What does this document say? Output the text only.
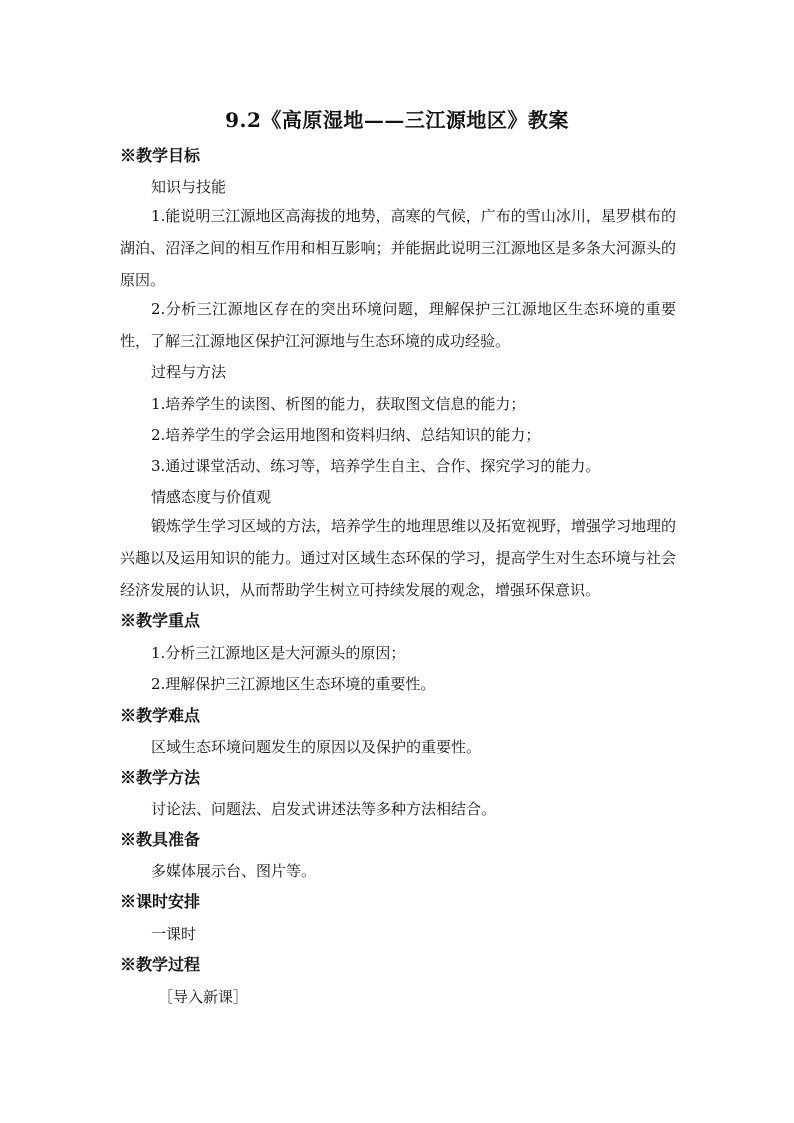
9.2《高原湿地——三江源地区》教案
※教学目标
知识与技能
1.能说明三江源地区高海拔的地势，高寒的气候，广布的雪山冰川，星罗棋布的湖泊、沼泽之间的相互作用和相互影响；并能据此说明三江源地区是多条大河源头的原因。
2.分析三江源地区存在的突出环境问题，理解保护三江源地区生态环境的重要性，了解三江源地区保护江河源地与生态环境的成功经验。
过程与方法
1.培养学生的读图、析图的能力，获取图文信息的能力；
2.培养学生的学会运用地图和资料归纳、总结知识的能力；
3.通过课堂活动、练习等，培养学生自主、合作、探究学习的能力。
情感态度与价值观
锻炼学生学习区域的方法，培养学生的地理思维以及拓宽视野，增强学习地理的兴趣以及运用知识的能力。通过对区域生态环保的学习，提高学生对生态环境与社会经济发展的认识，从而帮助学生树立可持续发展的观念，增强环保意识。
※教学重点
1.分析三江源地区是大河源头的原因；
2.理解保护三江源地区生态环境的重要性。
※教学难点
区域生态环境问题发生的原因以及保护的重要性。
※教学方法
讨论法、问题法、启发式讲述法等多种方法相结合。
※教具准备
多媒体展示台、图片等。
※课时安排
一课时
※教学过程
［导入新课］
